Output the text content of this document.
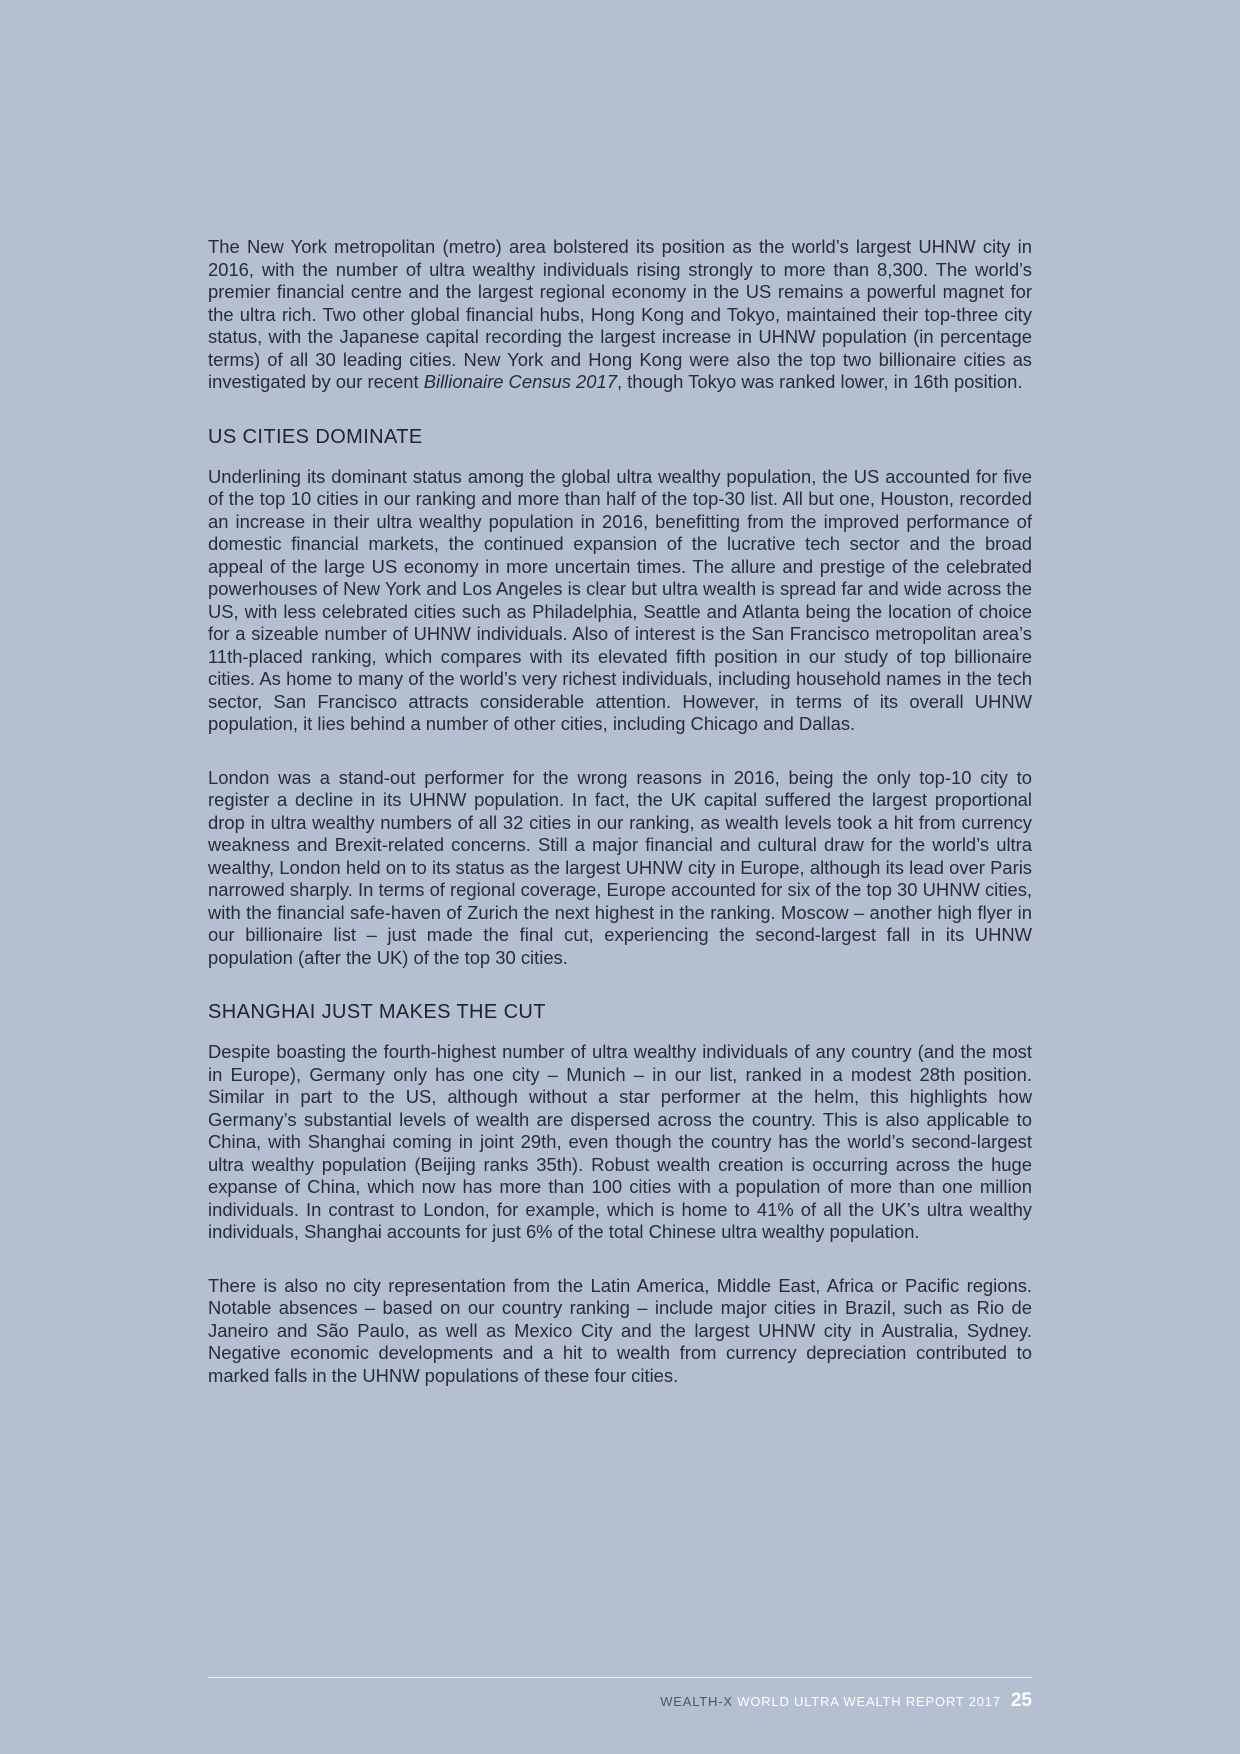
The New York metropolitan (metro) area bolstered its position as the world’s largest UHNW city in 2016, with the number of ultra wealthy individuals rising strongly to more than 8,300. The world’s premier financial centre and the largest regional economy in the US remains a powerful magnet for the ultra rich. Two other global financial hubs, Hong Kong and Tokyo, maintained their top-three city status, with the Japanese capital recording the largest increase in UHNW population (in percentage terms) of all 30 leading cities. New York and Hong Kong were also the top two billionaire cities as investigated by our recent Billionaire Census 2017, though Tokyo was ranked lower, in 16th position.

US CITIES DOMINATE

Underlining its dominant status among the global ultra wealthy population, the US accounted for five of the top 10 cities in our ranking and more than half of the top-30 list. All but one, Houston, recorded an increase in their ultra wealthy population in 2016, benefitting from the improved performance of domestic financial markets, the continued expansion of the lucrative tech sector and the broad appeal of the large US economy in more uncertain times. The allure and prestige of the celebrated powerhouses of New York and Los Angeles is clear but ultra wealth is spread far and wide across the US, with less celebrated cities such as Philadelphia, Seattle and Atlanta being the location of choice for a sizeable number of UHNW individuals. Also of interest is the San Francisco metropolitan area’s 11th-placed ranking, which compares with its elevated fifth position in our study of top billionaire cities. As home to many of the world’s very richest individuals, including household names in the tech sector, San Francisco attracts considerable attention. However, in terms of its overall UHNW population, it lies behind a number of other cities, including Chicago and Dallas.

London was a stand-out performer for the wrong reasons in 2016, being the only top-10 city to register a decline in its UHNW population. In fact, the UK capital suffered the largest proportional drop in ultra wealthy numbers of all 32 cities in our ranking, as wealth levels took a hit from currency weakness and Brexit-related concerns. Still a major financial and cultural draw for the world’s ultra wealthy, London held on to its status as the largest UHNW city in Europe, although its lead over Paris narrowed sharply. In terms of regional coverage, Europe accounted for six of the top 30 UHNW cities, with the financial safe-haven of Zurich the next highest in the ranking. Moscow – another high flyer in our billionaire list – just made the final cut, experiencing the second-largest fall in its UHNW population (after the UK) of the top 30 cities.

SHANGHAI JUST MAKES THE CUT

Despite boasting the fourth-highest number of ultra wealthy individuals of any country (and the most in Europe), Germany only has one city – Munich – in our list, ranked in a modest 28th position. Similar in part to the US, although without a star performer at the helm, this highlights how Germany’s substantial levels of wealth are dispersed across the country. This is also applicable to China, with Shanghai coming in joint 29th, even though the country has the world’s second-largest ultra wealthy population (Beijing ranks 35th). Robust wealth creation is occurring across the huge expanse of China, which now has more than 100 cities with a population of more than one million individuals. In contrast to London, for example, which is home to 41% of all the UK’s ultra wealthy individuals, Shanghai accounts for just 6% of the total Chinese ultra wealthy population.

There is also no city representation from the Latin America, Middle East, Africa or Pacific regions. Notable absences – based on our country ranking – include major cities in Brazil, such as Rio de Janeiro and São Paulo, as well as Mexico City and the largest UHNW city in Australia, Sydney. Negative economic developments and a hit to wealth from currency depreciation contributed to marked falls in the UHNW populations of these four cities.

WEALTH-X WORLD ULTRA WEALTH REPORT 2017 25
